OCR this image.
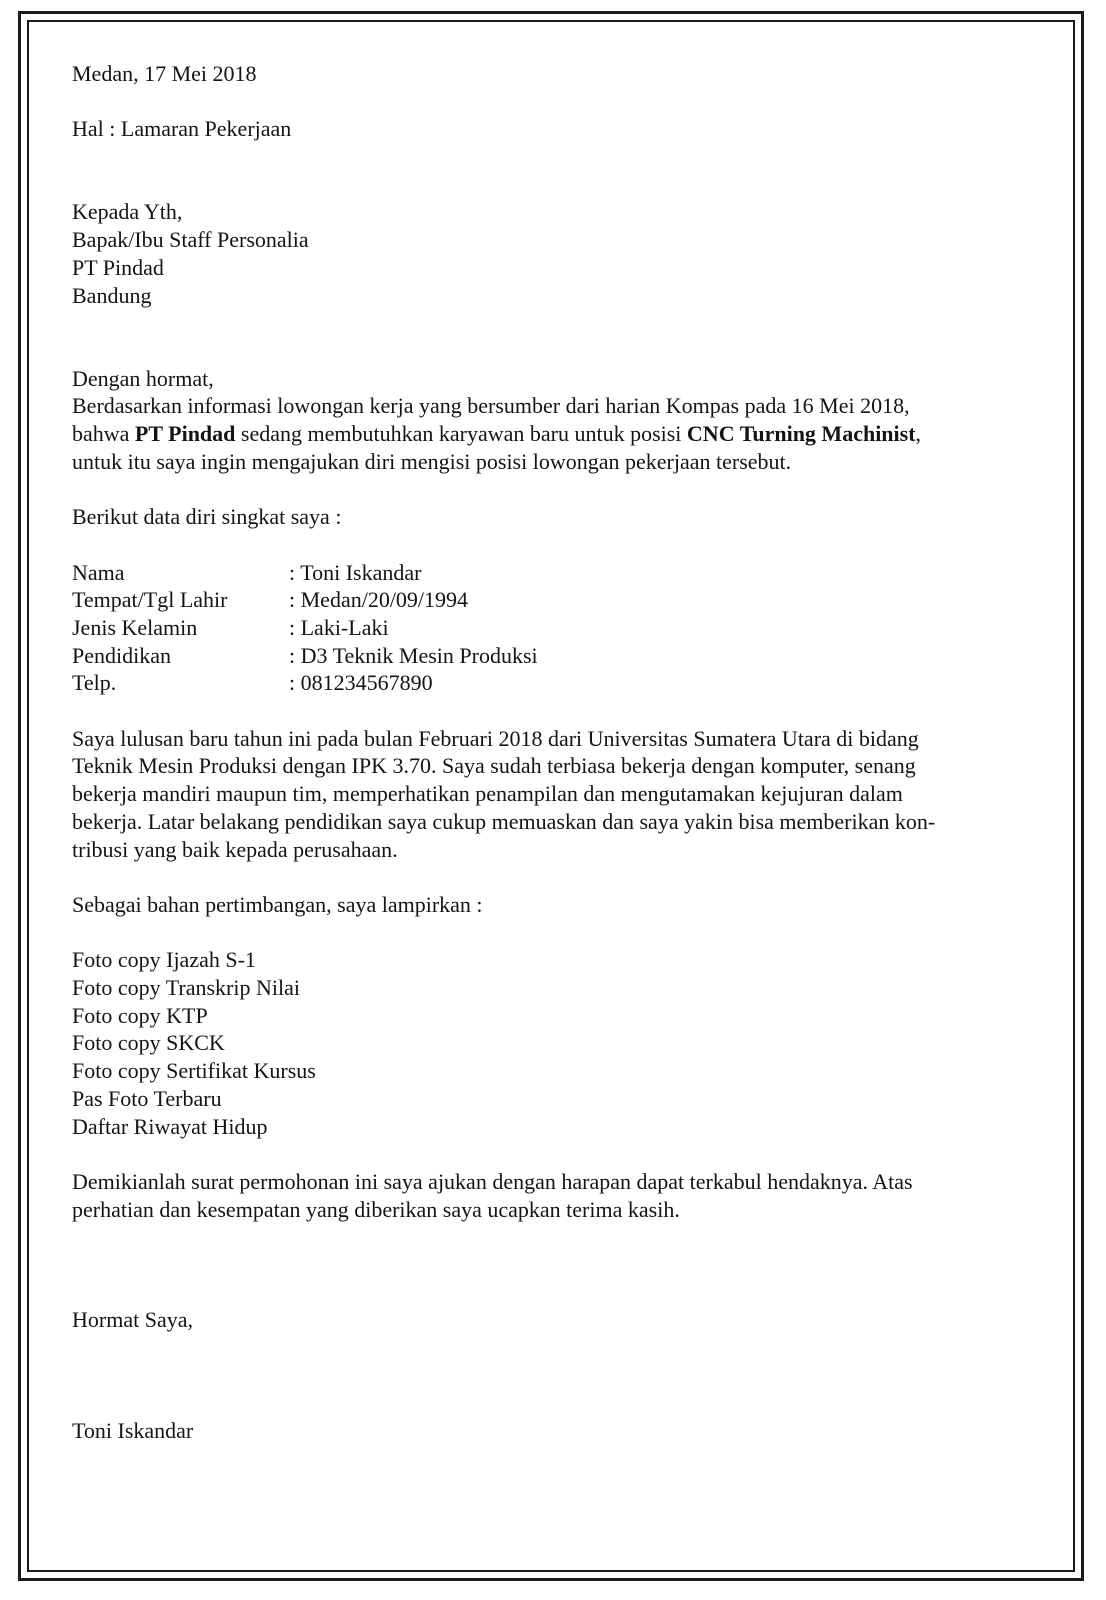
Medan, 17 Mei 2018
Hal : Lamaran Pekerjaan
Kepada Yth,
Bapak/Ibu Staff Personalia
PT Pindad
Bandung
Dengan hormat,
Berdasarkan informasi lowongan kerja yang bersumber dari harian Kompas pada 16 Mei 2018,
bahwa PT Pindad sedang membutuhkan karyawan baru untuk posisi CNC Turning Machinist,
untuk itu saya ingin mengajukan diri mengisi posisi lowongan pekerjaan tersebut.
Berikut data diri singkat saya :
Nama	: Toni Iskandar
Tempat/Tgl Lahir	: Medan/20/09/1994
Jenis Kelamin	: Laki-Laki
Pendidikan	: D3 Teknik Mesin Produksi
Telp.	: 081234567890
Saya lulusan baru tahun ini pada bulan Februari 2018 dari Universitas Sumatera Utara di bidang
Teknik Mesin Produksi dengan IPK 3.70. Saya sudah terbiasa bekerja dengan komputer, senang
bekerja mandiri maupun tim, memperhatikan penampilan dan mengutamakan kejujuran dalam
bekerja. Latar belakang pendidikan saya cukup memuaskan dan saya yakin bisa memberikan kon-
tribusi yang baik kepada perusahaan.
Sebagai bahan pertimbangan, saya lampirkan :
Foto copy Ijazah S-1
Foto copy Transkrip Nilai
Foto copy KTP
Foto copy SKCK
Foto copy Sertifikat Kursus
Pas Foto Terbaru
Daftar Riwayat Hidup
Demikianlah surat permohonan ini saya ajukan dengan harapan dapat terkabul hendaknya. Atas
perhatian dan kesempatan yang diberikan saya ucapkan terima kasih.
Hormat Saya,
Toni Iskandar
